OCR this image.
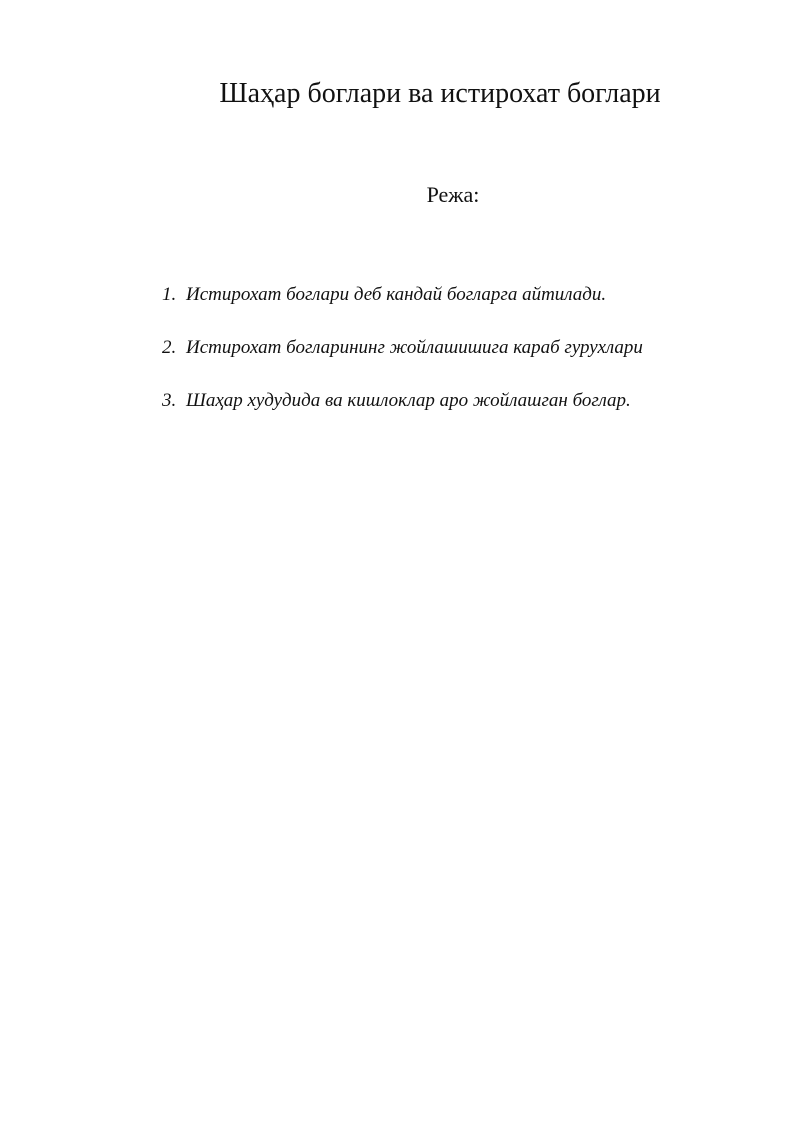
Шаҳар боглари ва истирохат боглари

Режа:

1. Истирохат боглари деб кандай богларга айтилади.
2. Истирохат богларининг жойлашишига караб гурухлари
3. Шаҳар худудида ва кишлоклар аро жойлашган боглар.
